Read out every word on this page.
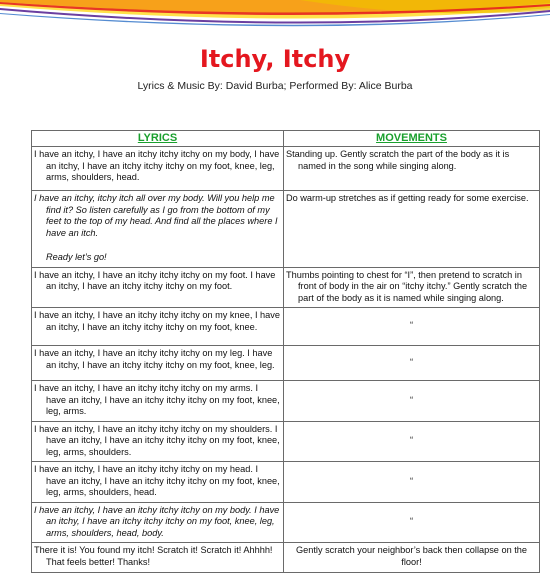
Itchy, Itchy
Lyrics & Music By: David Burba; Performed By: Alice Burba
LYRICS	MOVEMENTS
I have an itchy, I have an itchy itchy itchy on my body, I have an itchy, I have an itchy itchy itchy on my foot, knee, leg, arms, shoulders, head.	Standing up. Gently scratch the part of the body as it is named in the song while singing along.
I have an itchy, itchy itch all over my body. Will you help me find it? So listen carefully as I go from the bottom of my feet to the top of my head. And find all the places where I have an itch.
Ready let’s go!	Do warm-up stretches as if getting ready for some exercise.
I have an itchy, I have an itchy itchy itchy on my foot. I have an itchy, I have an itchy itchy itchy on my foot.	Thumbs pointing to chest for “I”, then pretend to scratch in front of body in the air on “itchy itchy.” Gently scratch the part of the body as it is named while singing along.
I have an itchy, I have an itchy itchy itchy on my knee, I have an itchy, I have an itchy itchy itchy on my foot, knee.	“
I have an itchy, I have an itchy itchy itchy on my leg. I have an itchy, I have an itchy itchy itchy on my foot, knee, leg.	“
I have an itchy, I have an itchy itchy itchy on my arms. I have an itchy, I have an itchy itchy itchy on my foot, knee, leg, arms.	“
I have an itchy, I have an itchy itchy itchy on my shoulders. I have an itchy, I have an itchy itchy itchy on my foot, knee, leg, arms, shoulders.	“
I have an itchy, I have an itchy itchy itchy on my head. I have an itchy, I have an itchy itchy itchy on my foot, knee, leg, arms, shoulders, head.	“
I have an itchy, I have an itchy itchy itchy on my body. I have an itchy, I have an itchy itchy itchy on my foot, knee, leg, arms, shoulders, head, body.	“
There it is! You found my itch! Scratch it! Scratch it! Ahhhh! That feels better! Thanks!	Gently scratch your neighbor’s back then collapse on the floor!
